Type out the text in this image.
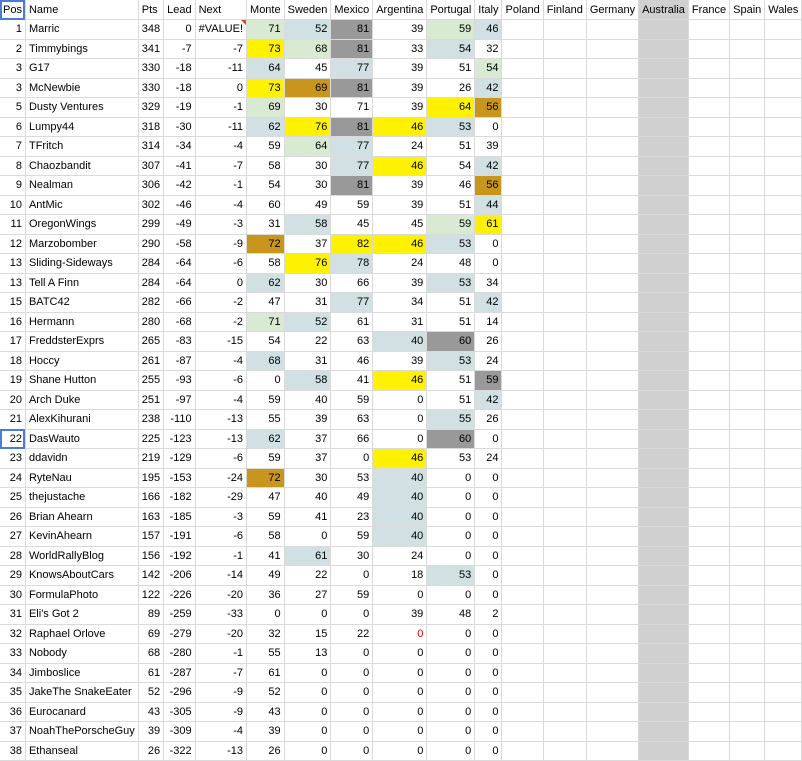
Pos	Name	Pts	Lead	Next	Monte	Sweden	Mexico	Argentina	Portugal	Italy	Poland	Finland	Germany	Australia	France	Spain	Wales
1	Marric	348	0	#VALUE!	71	52	81	39	59	46							
2	Timmybings	341	-7	-7	73	68	81	33	54	32							
3	G17	330	-18	-11	64	45	77	39	51	54							
3	McNewbie	330	-18	0	73	69	81	39	26	42							
5	Dusty Ventures	329	-19	-1	69	30	71	39	64	56							
6	Lumpy44	318	-30	-11	62	76	81	46	53	0							
7	TFritch	314	-34	-4	59	64	77	24	51	39							
8	Chaozbandit	307	-41	-7	58	30	77	46	54	42							
9	Nealman	306	-42	-1	54	30	81	39	46	56							
10	AntMic	302	-46	-4	60	49	59	39	51	44							
11	OregonWings	299	-49	-3	31	58	45	45	59	61							
12	Marzobomber	290	-58	-9	72	37	82	46	53	0							
13	Sliding-Sideways	284	-64	-6	58	76	78	24	48	0							
13	Tell A Finn	284	-64	0	62	30	66	39	53	34							
15	BATC42	282	-66	-2	47	31	77	34	51	42							
16	Hermann	280	-68	-2	71	52	61	31	51	14							
17	FreddsterExprs	265	-83	-15	54	22	63	40	60	26							
18	Hoccy	261	-87	-4	68	31	46	39	53	24							
19	Shane Hutton	255	-93	-6	0	58	41	46	51	59							
20	Arch Duke	251	-97	-4	59	40	59	0	51	42							
21	AlexKihurani	238	-110	-13	55	39	63	0	55	26							
22	DasWauto	225	-123	-13	62	37	66	0	60	0							
23	ddavidn	219	-129	-6	59	37	0	46	53	24							
24	RyteNau	195	-153	-24	72	30	53	40	0	0							
25	thejustache	166	-182	-29	47	40	49	40	0	0							
26	Brian Ahearn	163	-185	-3	59	41	23	40	0	0							
27	KevinAhearn	157	-191	-6	58	0	59	40	0	0							
28	WorldRallyBlog	156	-192	-1	41	61	30	24	0	0							
29	KnowsAboutCars	142	-206	-14	49	22	0	18	53	0							
30	FormulaPhoto	122	-226	-20	36	27	59	0	0	0							
31	Eli's Got 2	89	-259	-33	0	0	0	39	48	2							
32	Raphael Orlove	69	-279	-20	32	15	22	0	0	0							
33	Nobody	68	-280	-1	55	13	0	0	0	0							
34	Jimboslice	61	-287	-7	61	0	0	0	0	0							
35	JakeThe SnakeEater	52	-296	-9	52	0	0	0	0	0							
36	Eurocanard	43	-305	-9	43	0	0	0	0	0							
37	NoahThePorscheGuy	39	-309	-4	39	0	0	0	0	0							
38	Ethanseal	26	-322	-13	26	0	0	0	0	0							
